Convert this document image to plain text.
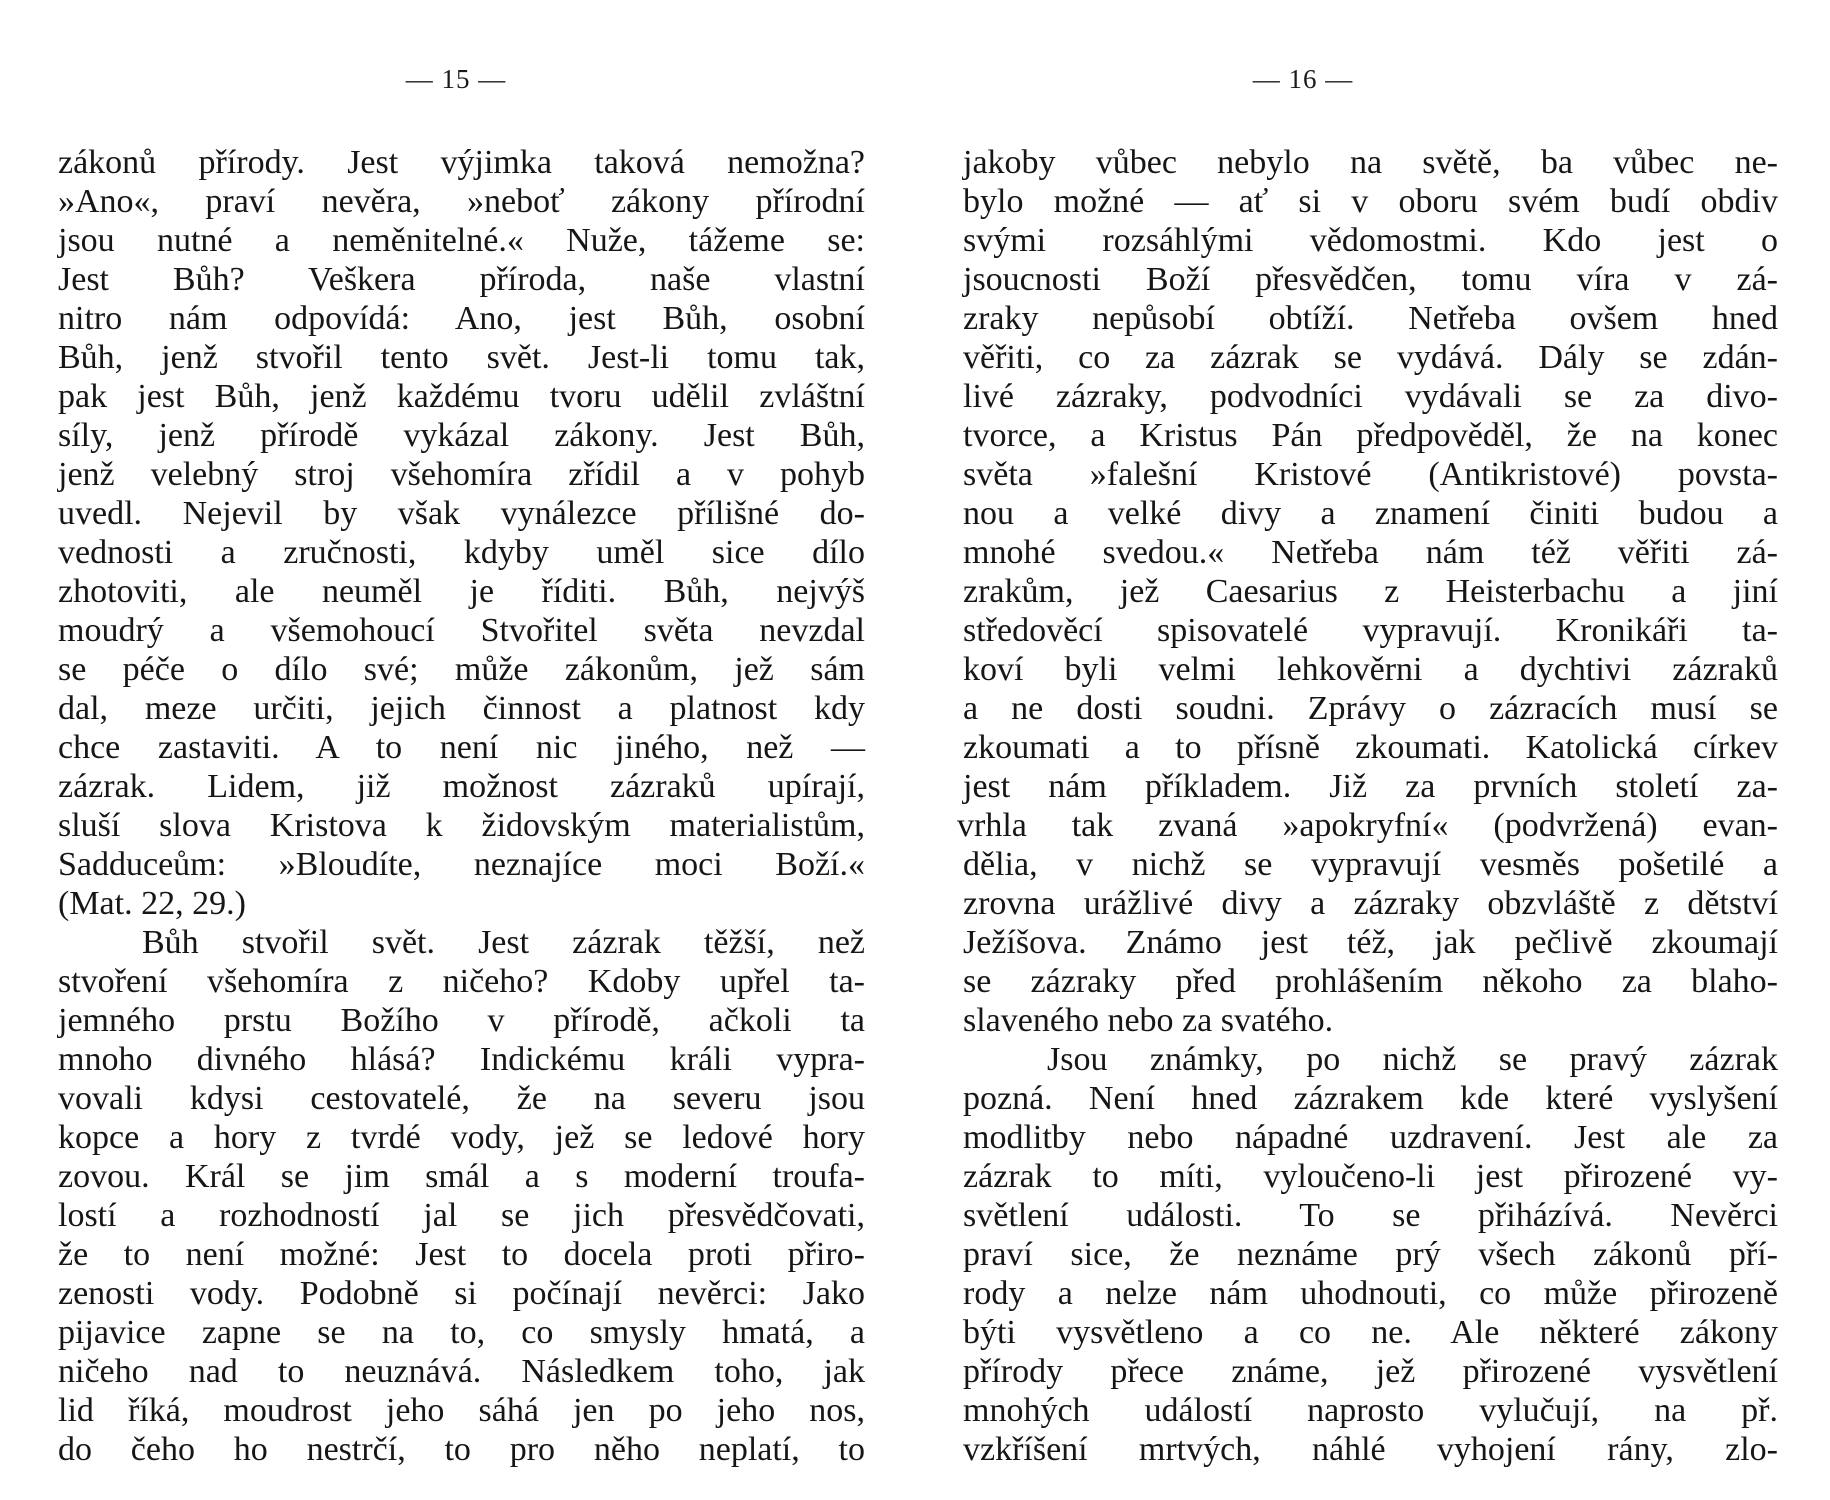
— 15 —
zákonů přírody. Jest výjimka taková nemožna?
»Ano«, praví nevěra, »neboť zákony přírodní
jsou nutné a neměnitelné.« Nuže, tážeme se:
Jest Bůh? Veškera příroda, naše vlastní
nitro nám odpovídá: Ano, jest Bůh, osobní
Bůh, jenž stvořil tento svět. Jest-li tomu tak,
pak jest Bůh, jenž každému tvoru udělil zvláštní
síly, jenž přírodě vykázal zákony. Jest Bůh,
jenž velebný stroj všehomíra zřídil a v pohyb
uvedl. Nejevil by však vynálezce přílišné do-
vednosti a zručnosti, kdyby uměl sice dílo
zhotoviti, ale neuměl je říditi. Bůh, nejvýš
moudrý a všemohoucí Stvořitel světa nevzdal
se péče o dílo své; může zákonům, jež sám
dal, meze určiti, jejich činnost a platnost kdy
chce zastaviti. A to není nic jiného, než —
zázrak. Lidem, již možnost zázraků upírají,
sluší slova Kristova k židovským materialistům,
Sadduceům: »Bloudíte, neznajíce moci Boží.«
(Mat. 22, 29.)
Bůh stvořil svět. Jest zázrak těžší, než
stvoření všehomíra z ničeho? Kdoby upřel ta-
jemného prstu Božího v přírodě, ačkoli ta
mnoho divného hlásá? Indickému králi vypra-
vovali kdysi cestovatelé, že na severu jsou
kopce a hory z tvrdé vody, jež se ledové hory
zovou. Král se jim smál a s moderní troufa-
lostí a rozhodností jal se jich přesvědčovati,
že to není možné: Jest to docela proti přiro-
zenosti vody. Podobně si počínají nevěrci: Jako
pijavice zapne se na to, co smysly hmatá, a
ničeho nad to neuznává. Následkem toho, jak
lid říká, moudrost jeho sáhá jen po jeho nos,
do čeho ho nestrčí, to pro něho neplatí, to
— 16 —
jakoby vůbec nebylo na světě, ba vůbec ne-
bylo možné — ať si v oboru svém budí obdiv
svými rozsáhlými vědomostmi. Kdo jest o
jsoucnosti Boží přesvědčen, tomu víra v zá-
zraky nepůsobí obtíží. Netřeba ovšem hned
věřiti, co za zázrak se vydává. Dály se zdán-
livé zázraky, podvodníci vydávali se za divo-
tvorce, a Kristus Pán předpověděl, že na konec
světa »falešní Kristové (Antikristové) povsta-
nou a velké divy a znamení činiti budou a
mnohé svedou.« Netřeba nám též věřiti zá-
zrakům, jež Caesarius z Heisterbachu a jiní
středověcí spisovatelé vypravují. Kronikáři ta-
koví byli velmi lehkověrni a dychtivi zázraků
a ne dosti soudni. Zprávy o zázracích musí se
zkoumati a to přísně zkoumati. Katolická církev
jest nám příkladem. Již za prvních století za-
vrhla tak zvaná »apokryfní« (podvržená) evan-
dělia, v nichž se vypravují vesměs pošetilé a
zrovna urážlivé divy a zázraky obzvláště z dětství
Ježíšova. Známo jest též, jak pečlivě zkoumají
se zázraky před prohlášením někoho za blaho-
slaveného nebo za svatého.
Jsou známky, po nichž se pravý zázrak
pozná. Není hned zázrakem kde které vyslyšení
modlitby nebo nápadné uzdravení. Jest ale za
zázrak to míti, vyloučeno-li jest přirozené vy-
světlení události. To se přiházívá. Nevěrci
praví sice, že neznáme prý všech zákonů pří-
rody a nelze nám uhodnouti, co může přirozeně
býti vysvětleno a co ne. Ale některé zákony
přírody přece známe, jež přirozené vysvětlení
mnohých událostí naprosto vylučují, na př.
vzkříšení mrtvých, náhlé vyhojení rány, zlo-
